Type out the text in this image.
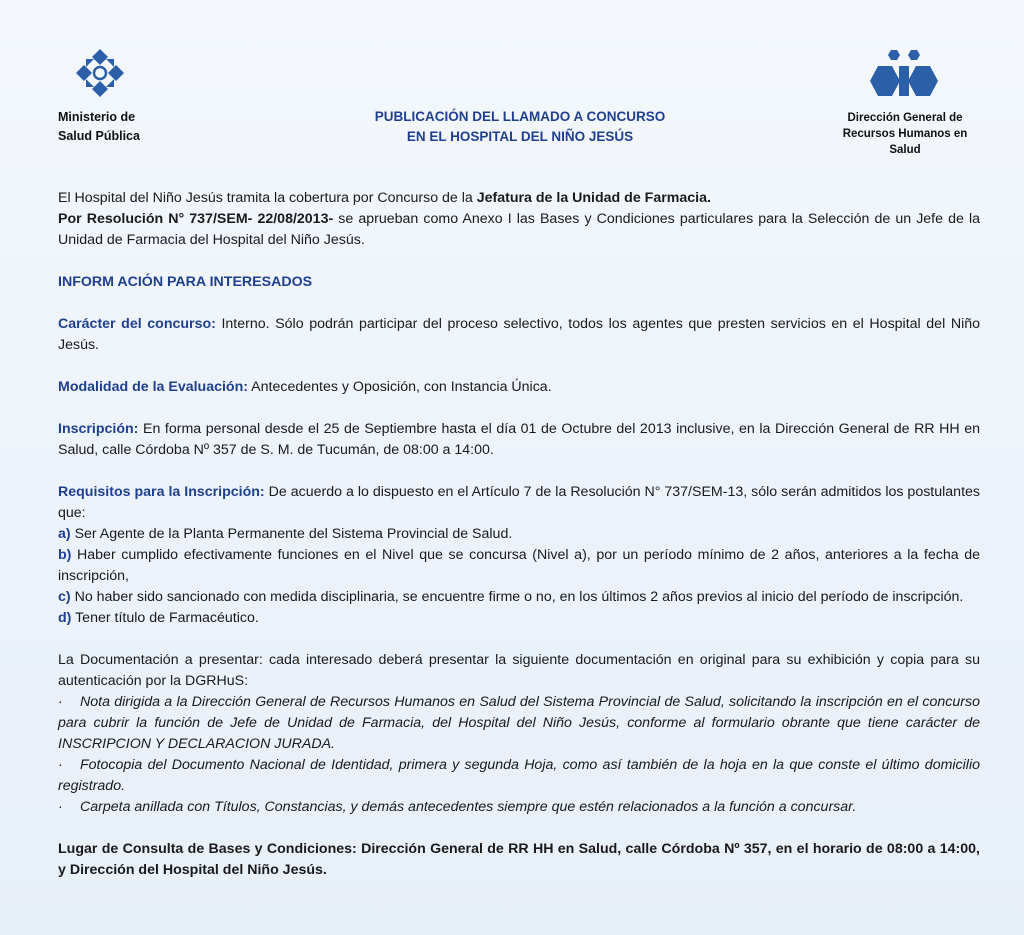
Ministerio de
Salud Pública
PUBLICACIÓN DEL LLAMADO A CONCURSO
EN EL HOSPITAL DEL NIÑO JESÚS
Dirección General de
Recursos Humanos en Salud

El Hospital del Niño Jesús tramita la cobertura por Concurso de la Jefatura de la Unidad de Farmacia.

Por Resolución N° 737/SEM- 22/08/2013- se aprueban como Anexo I las Bases y Condiciones particulares para la Selección de un Jefe de la Unidad de Farmacia del Hospital del Niño Jesús.

INFORM ACIÓN PARA INTERESADOS

Carácter del concurso: Interno. Sólo podrán participar del proceso selectivo, todos los agentes que presten servicios en el Hospital del Niño Jesús.

Modalidad de la Evaluación: Antecedentes y Oposición, con Instancia Única.

Inscripción: En forma personal desde el 25 de Septiembre hasta el día 01 de Octubre del 2013 inclusive, en la Dirección General de RR HH en Salud, calle Córdoba Nº 357 de S. M. de Tucumán, de 08:00 a 14:00.

Requisitos para la Inscripción: De acuerdo a lo dispuesto en el Artículo 7 de la Resolución N° 737/SEM-13, sólo serán admitidos los postulantes que:

a) Ser Agente de la Planta Permanente del Sistema Provincial de Salud.

b) Haber cumplido efectivamente funciones en el Nivel que se concursa (Nivel a), por un período mínimo de 2 años, anteriores a la fecha de inscripción,

c) No haber sido sancionado con medida disciplinaria, se encuentre firme o no, en los últimos 2 años previos al inicio del período de inscripción.

d) Tener título de Farmacéutico.

La Documentación a presentar: cada interesado deberá presentar la siguiente documentación en original para su exhibición y copia para su autenticación por la DGRHuS:

· Nota dirigida a la Dirección General de Recursos Humanos en Salud del Sistema Provincial de Salud, solicitando la inscripción en el concurso para cubrir la función de Jefe de Unidad de Farmacia, del Hospital del Niño Jesús, conforme al formulario obrante que tiene carácter de INSCRIPCION Y DECLARACION JURADA.

· Fotocopia del Documento Nacional de Identidad, primera y segunda Hoja, como así también de la hoja en la que conste el último domicilio registrado.

· Carpeta anillada con Títulos, Constancias, y demás antecedentes siempre que estén relacionados a la función a concursar.

Lugar de Consulta de Bases y Condiciones: Dirección General de RR HH en Salud, calle Córdoba Nº 357, en el horario de 08:00 a 14:00, y Dirección del Hospital del Niño Jesús.
